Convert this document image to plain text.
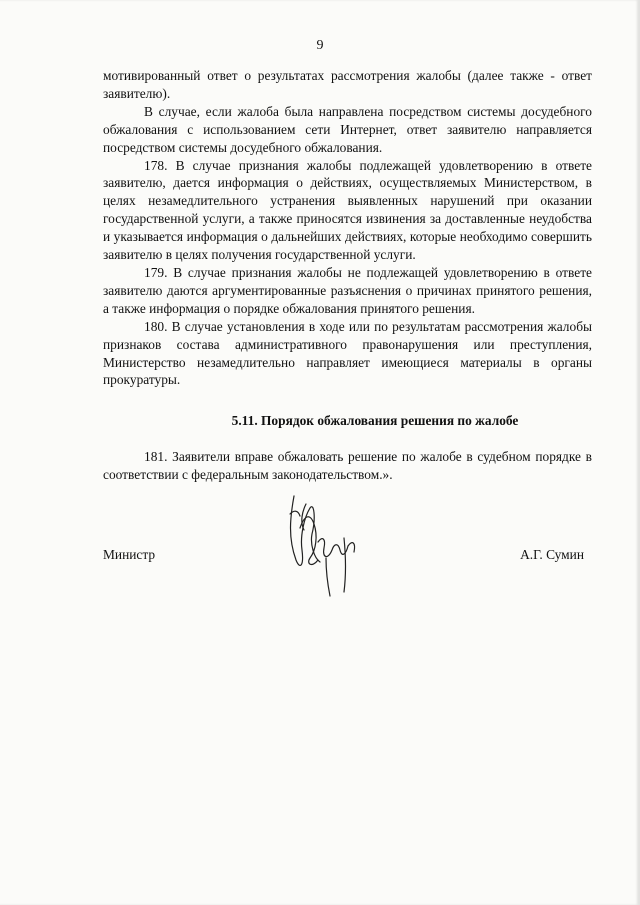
9

мотивированный ответ о результатах рассмотрения жалобы (далее также - ответ заявителю).

В случае, если жалоба была направлена посредством системы досудебного обжалования с использованием сети Интернет, ответ заявителю направляется посредством системы досудебного обжалования.

178. В случае признания жалобы подлежащей удовлетворению в ответе заявителю, дается информация о действиях, осуществляемых Министерством, в целях незамедлительного устранения выявленных нарушений при оказании государственной услуги, а также приносятся извинения за доставленные неудобства и указывается информация о дальнейших действиях, которые необходимо совершить заявителю в целях получения государственной услуги.

179. В случае признания жалобы не подлежащей удовлетворению в ответе заявителю даются аргументированные разъяснения о причинах принятого решения, а также информация о порядке обжалования принятого решения.

180. В случае установления в ходе или по результатам рассмотрения жалобы признаков состава административного правонарушения или преступления, Министерство незамедлительно направляет имеющиеся материалы в органы прокуратуры.

5.11. Порядок обжалования решения по жалобе

181. Заявители вправе обжаловать решение по жалобе в судебном порядке в соответствии с федеральным законодательством.».

Министр	А.Г. Сумин
